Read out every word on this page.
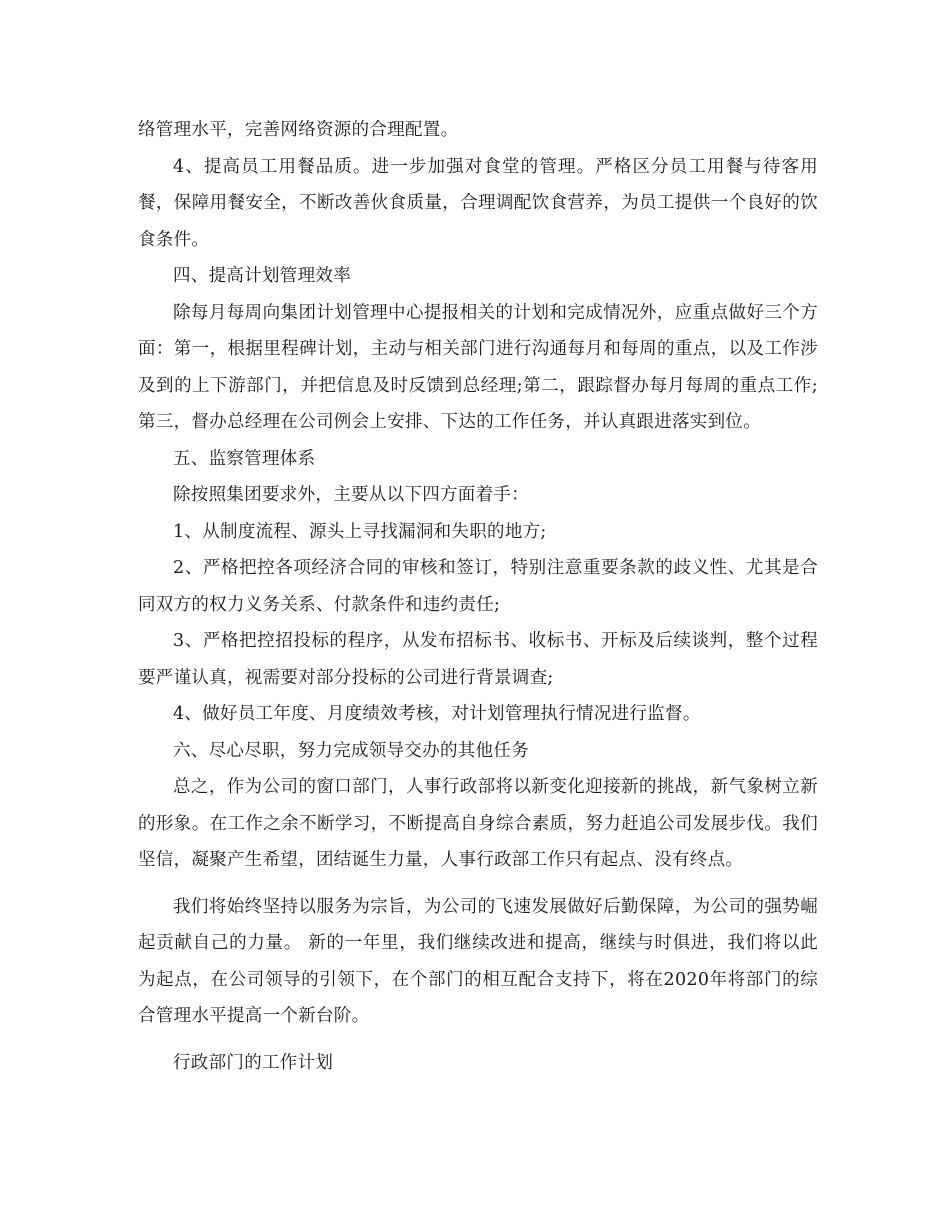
络管理水平，完善网络资源的合理配置。

4、提高员工用餐品质。进一步加强对食堂的管理。严格区分员工用餐与待客用餐，保障用餐安全，不断改善伙食质量，合理调配饮食营养，为员工提供一个良好的饮食条件。

四、提高计划管理效率

除每月每周向集团计划管理中心提报相关的计划和完成情况外，应重点做好三个方面：第一，根据里程碑计划，主动与相关部门进行沟通每月和每周的重点，以及工作涉及到的上下游部门，并把信息及时反馈到总经理;第二，跟踪督办每月每周的重点工作;第三，督办总经理在公司例会上安排、下达的工作任务，并认真跟进落实到位。

五、监察管理体系

除按照集团要求外，主要从以下四方面着手：

1、从制度流程、源头上寻找漏洞和失职的地方;

2、严格把控各项经济合同的审核和签订，特别注意重要条款的歧义性、尤其是合同双方的权力义务关系、付款条件和违约责任;

3、严格把控招投标的程序，从发布招标书、收标书、开标及后续谈判，整个过程要严谨认真，视需要对部分投标的公司进行背景调查;

4、做好员工年度、月度绩效考核，对计划管理执行情况进行监督。

六、尽心尽职，努力完成领导交办的其他任务

总之，作为公司的窗口部门，人事行政部将以新变化迎接新的挑战，新气象树立新的形象。在工作之余不断学习，不断提高自身综合素质，努力赶追公司发展步伐。我们坚信，凝聚产生希望，团结诞生力量，人事行政部工作只有起点、没有终点。

我们将始终坚持以服务为宗旨，为公司的飞速发展做好后勤保障，为公司的强势崛起贡献自己的力量。 新的一年里，我们继续改进和提高，继续与时俱进，我们将以此为起点，在公司领导的引领下，在个部门的相互配合支持下，将在2020年将部门的综合管理水平提高一个新台阶。

行政部门的工作计划
